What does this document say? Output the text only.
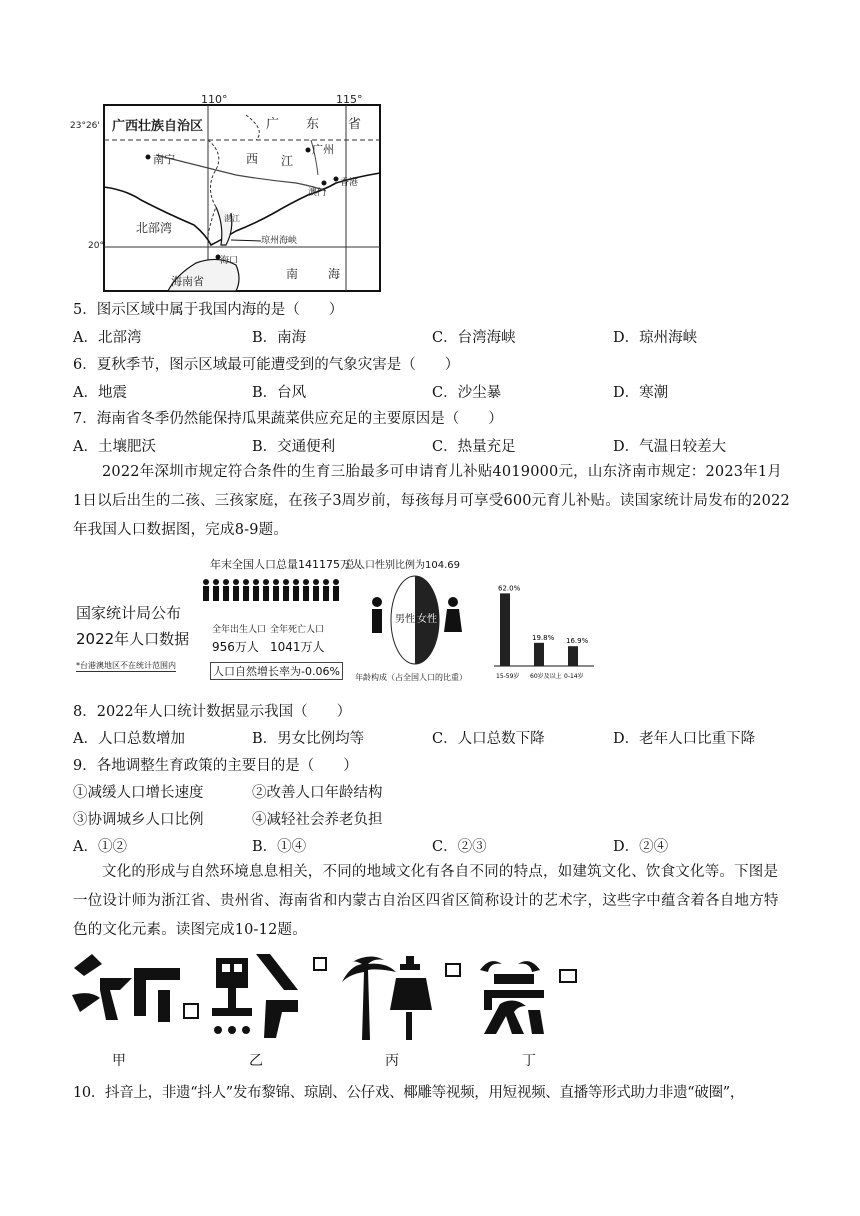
110°	115°
23°26'
20°
广西壮族自治区	广 东 省
南宁	西 江
广州
澳门
香港
北部湾
湛江
琼州海峡
海口
海南省
南 海
5．图示区域中属于我国内海的是（　　）
A．北部湾	B．南海	C．台湾海峡	D．琼州海峡
6．夏秋季节，图示区域最可能遭受到的气象灾害是（　　）
A．地震	B．台风	C．沙尘暴	D．寒潮
7．海南省冬季仍然能保持瓜果蔬菜供应充足的主要原因是（　　）
A．土壤肥沃	B．交通便利	C．热量充足	D．气温日较差大
2022年深圳市规定符合条件的生育三胎最多可申请育儿补贴4019000元，山东济南市规定：2023年1月1日以后出生的二孩、三孩家庭，在孩子3周岁前，每孩每月可享受600元育儿补贴。读国家统计局发布的2022年我国人口数据图，完成8-9题。
国家统计局公布
2022年人口数据
*台港澳地区不在统计范围内
年末全国人口总量141175万人
全年出生人口
956万人
全年死亡人口
1041万人
人口自然增长率为-0.06%
总人口性别比例为104.69
男性 女性
年龄构成（占全国人口的比重）
62.0%
15-59岁
19.8%
60岁及以上
16.9%
0-14岁
8．2022年人口统计数据显示我国（　　）
A．人口总数增加	B．男女比例均等	C．人口总数下降	D．老年人口比重下降
9．各地调整生育政策的主要目的是（　　）
①减缓人口增长速度	②改善人口年龄结构
③协调城乡人口比例	④减轻社会养老负担
A．①②	B．①④	C．②③	D．②④
文化的形成与自然环境息息相关，不同的地域文化有各自不同的特点，如建筑文化、饮食文化等。下图是一位设计师为浙江省、贵州省、海南省和内蒙古自治区四省区简称设计的艺术字，这些字中蕴含着各自地方特色的文化元素。读图完成10-12题。
甲	乙	丙	丁
10．抖音上，非遗“抖人”发布黎锦、琼剧、公仔戏、椰雕等视频，用短视频、直播等形式助力非遗“破圈”，
